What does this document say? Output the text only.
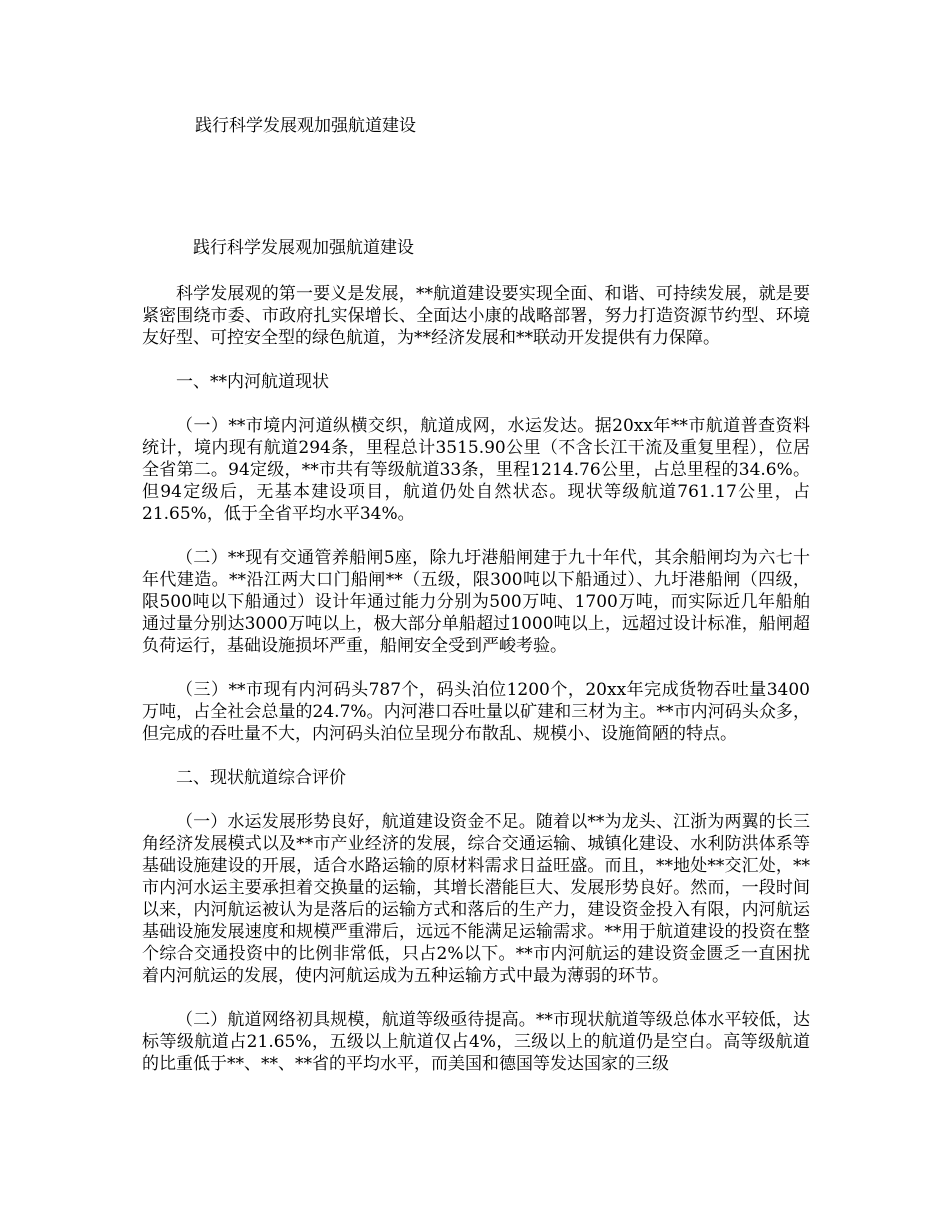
践行科学发展观加强航道建设

践行科学发展观加强航道建设

科学发展观的第一要义是发展，**航道建设要实现全面、和谐、可持续发展，就是要紧密围绕市委、市政府扎实保增长、全面达小康的战略部署，努力打造资源节约型、环境友好型、可控安全型的绿色航道，为**经济发展和**联动开发提供有力保障。

一、**内河航道现状

（一）**市境内河道纵横交织，航道成网，水运发达。据20xx年**市航道普查资料统计，境内现有航道294条，里程总计3515.90公里（不含长江干流及重复里程），位居全省第二。94定级，**市共有等级航道33条，里程1214.76公里，占总里程的34.6%。但94定级后，无基本建设项目，航道仍处自然状态。现状等级航道761.17公里，占21.65%，低于全省平均水平34%。

（二）**现有交通管养船闸5座，除九圩港船闸建于九十年代，其余船闸均为六七十年代建造。**沿江两大口门船闸**（五级，限300吨以下船通过）、九圩港船闸（四级，限500吨以下船通过）设计年通过能力分别为500万吨、1700万吨，而实际近几年船舶通过量分别达3000万吨以上，极大部分单船超过1000吨以上，远超过设计标准，船闸超负荷运行，基础设施损坏严重，船闸安全受到严峻考验。

（三）**市现有内河码头787个，码头泊位1200个，20xx年完成货物吞吐量3400万吨，占全社会总量的24.7%。内河港口吞吐量以矿建和三材为主。**市内河码头众多，但完成的吞吐量不大，内河码头泊位呈现分布散乱、规模小、设施简陋的特点。

二、现状航道综合评价

（一）水运发展形势良好，航道建设资金不足。随着以**为龙头、江浙为两翼的长三角经济发展模式以及**市产业经济的发展，综合交通运输、城镇化建设、水利防洪体系等基础设施建设的开展，适合水路运输的原材料需求日益旺盛。而且，**地处**交汇处，**市内河水运主要承担着交换量的运输，其增长潜能巨大、发展形势良好。然而，一段时间以来，内河航运被认为是落后的运输方式和落后的生产力，建设资金投入有限，内河航运基础设施发展速度和规模严重滞后，远远不能满足运输需求。**用于航道建设的投资在整个综合交通投资中的比例非常低，只占2%以下。**市内河航运的建设资金匮乏一直困扰着内河航运的发展，使内河航运成为五种运输方式中最为薄弱的环节。

（二）航道网络初具规模，航道等级亟待提高。**市现状航道等级总体水平较低，达标等级航道占21.65%，五级以上航道仅占4%，三级以上的航道仍是空白。高等级航道的比重低于**、**、**省的平均水平，而美国和德国等发达国家的三级
